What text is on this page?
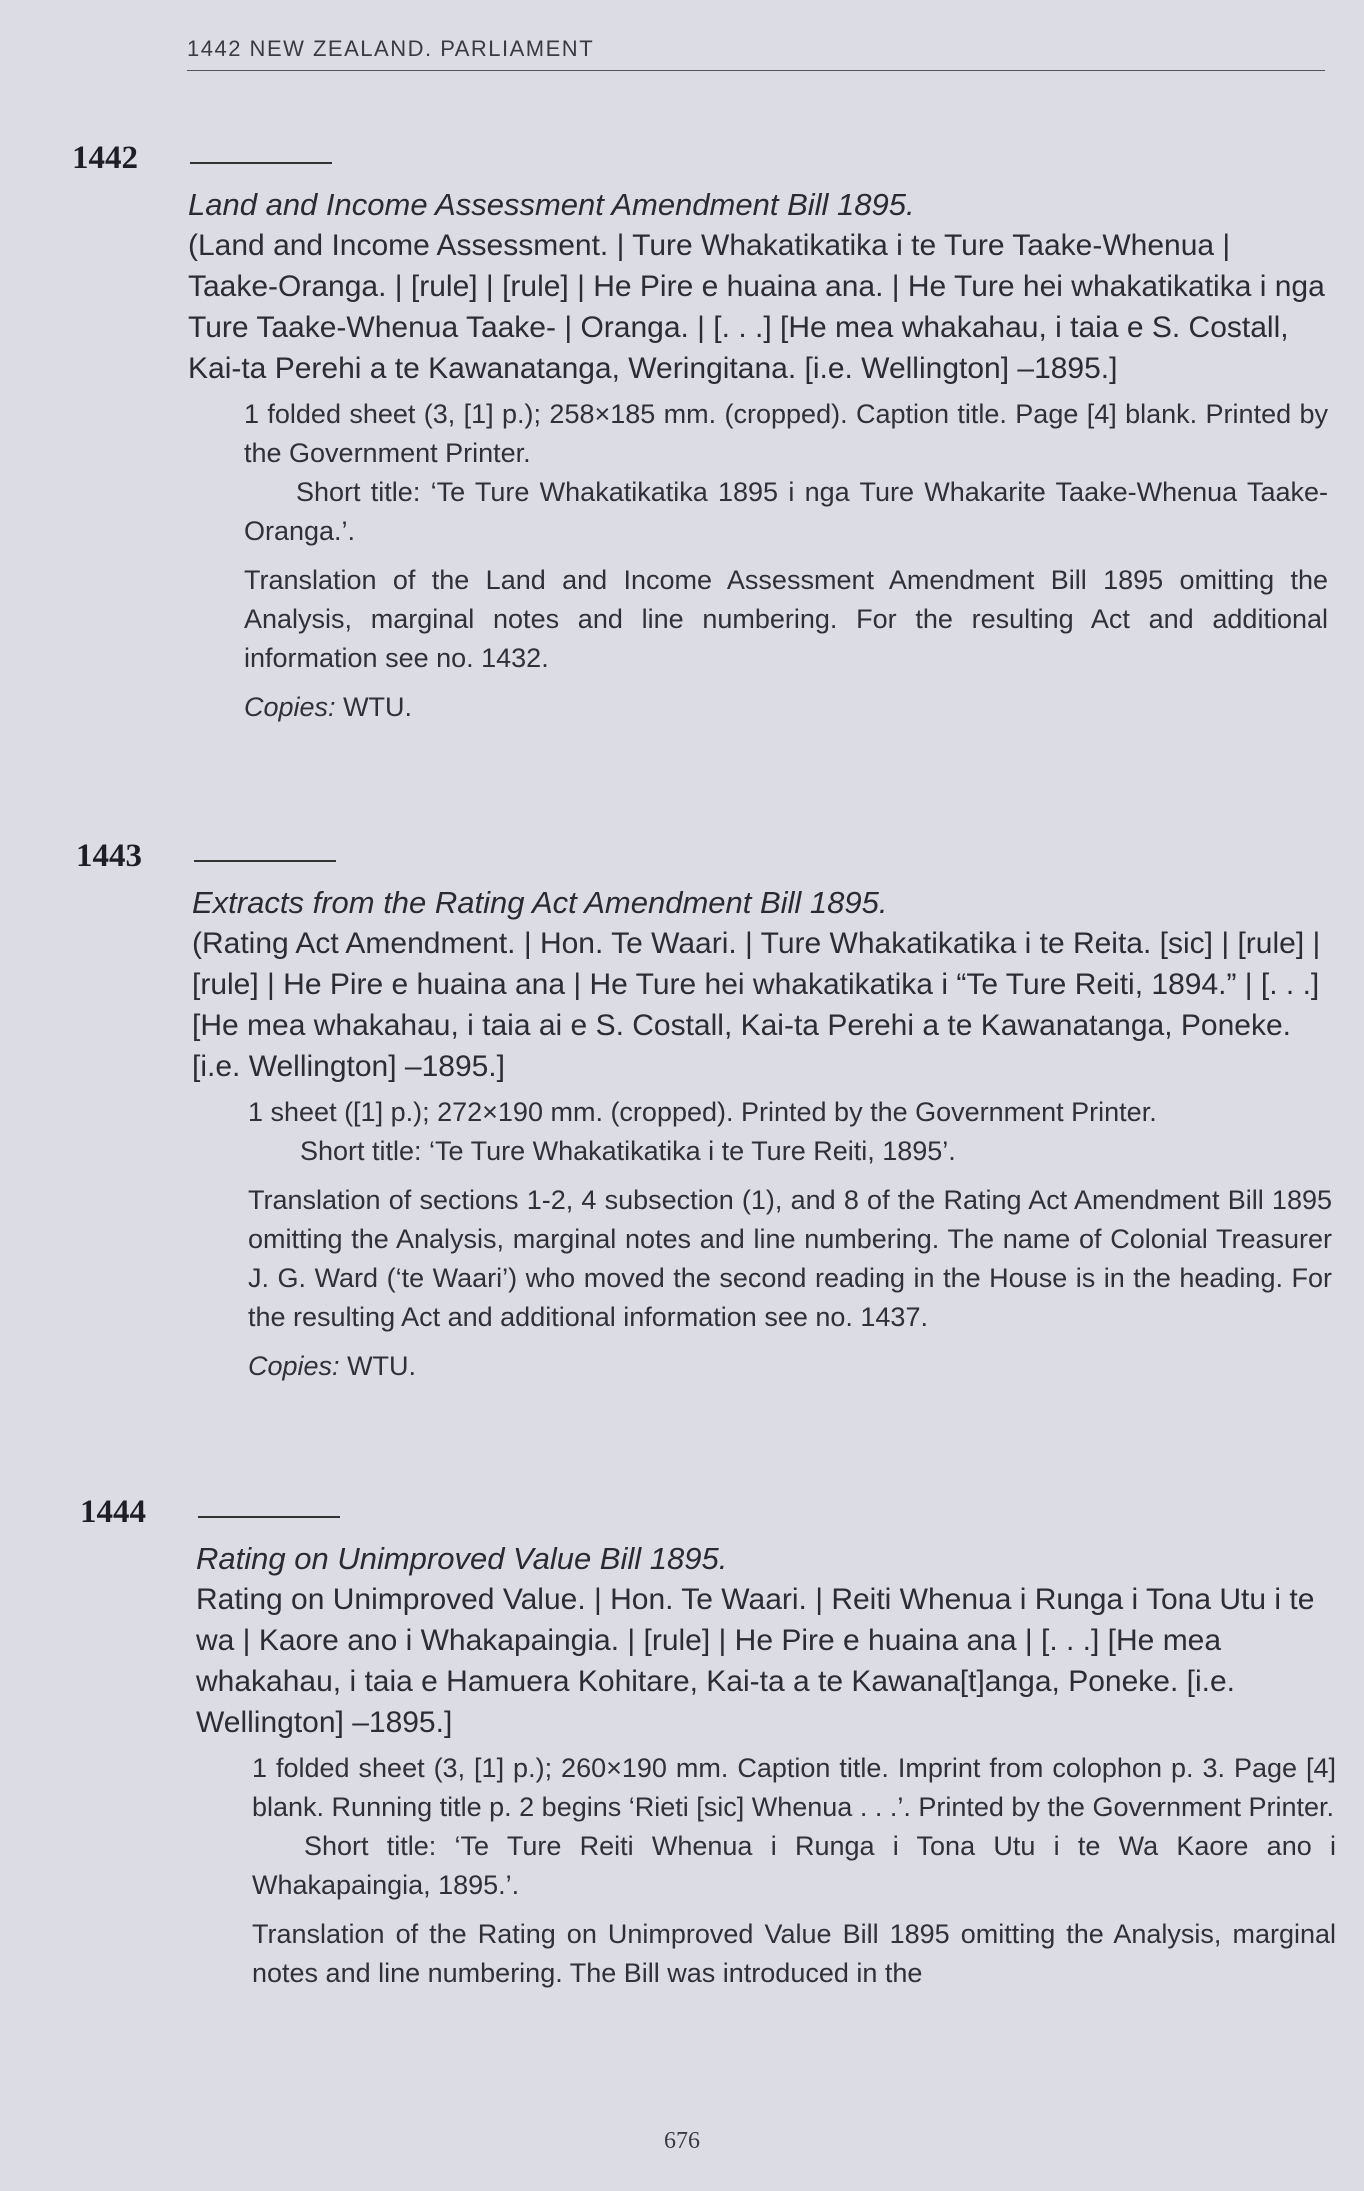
1442 NEW ZEALAND. PARLIAMENT
1442
Land and Income Assessment Amendment Bill 1895.
(Land and Income Assessment. | Ture Whakatikatika i te Ture Taake-Whenua | Taake-Oranga. | [rule] | [rule] | He Pire e huaina ana. | He Ture hei whakatikatika i nga Ture Taake-Whenua Taake- | Oranga. | [. . .] [He mea whakahau, i taia e S. Costall, Kai-ta Perehi a te Kawanatanga, Weringitana. [i.e. Wellington] –1895.]
1 folded sheet (3, [1] p.); 258×185 mm. (cropped). Caption title. Page [4] blank. Printed by the Government Printer.
Short title: ‘Te Ture Whakatikatika 1895 i nga Ture Whakarite Taake-Whenua Taake-Oranga.’.
Translation of the Land and Income Assessment Amendment Bill 1895 omitting the Analysis, marginal notes and line numbering. For the resulting Act and additional information see no. 1432.
Copies: WTU.
1443
Extracts from the Rating Act Amendment Bill 1895.
(Rating Act Amendment. | Hon. Te Waari. | Ture Whakatikatika i te Reita. [sic] | [rule] | [rule] | He Pire e huaina ana | He Ture hei whakatikatika i “Te Ture Reiti, 1894.” | [. . .] [He mea whakahau, i taia ai e S. Costall, Kai-ta Perehi a te Kawanatanga, Poneke. [i.e. Wellington] –1895.]
1 sheet ([1] p.); 272×190 mm. (cropped). Printed by the Government Printer.
Short title: ‘Te Ture Whakatikatika i te Ture Reiti, 1895’.
Translation of sections 1-2, 4 subsection (1), and 8 of the Rating Act Amendment Bill 1895 omitting the Analysis, marginal notes and line numbering. The name of Colonial Treasurer J. G. Ward (‘te Waari’) who moved the second reading in the House is in the heading. For the resulting Act and additional information see no. 1437.
Copies: WTU.
1444
Rating on Unimproved Value Bill 1895.
Rating on Unimproved Value. | Hon. Te Waari. | Reiti Whenua i Runga i Tona Utu i te wa | Kaore ano i Whakapaingia. | [rule] | He Pire e huaina ana | [. . .] [He mea whakahau, i taia e Hamuera Kohitare, Kai-ta a te Kawana[t]anga, Poneke. [i.e. Wellington] –1895.]
1 folded sheet (3, [1] p.); 260×190 mm. Caption title. Imprint from colophon p. 3. Page [4] blank. Running title p. 2 begins ‘Rieti [sic] Whenua . . .’. Printed by the Government Printer.
Short title: ‘Te Ture Reiti Whenua i Runga i Tona Utu i te Wa Kaore ano i Whakapaingia, 1895.’.
Translation of the Rating on Unimproved Value Bill 1895 omitting the Analysis, marginal notes and line numbering. The Bill was introduced in the
676
